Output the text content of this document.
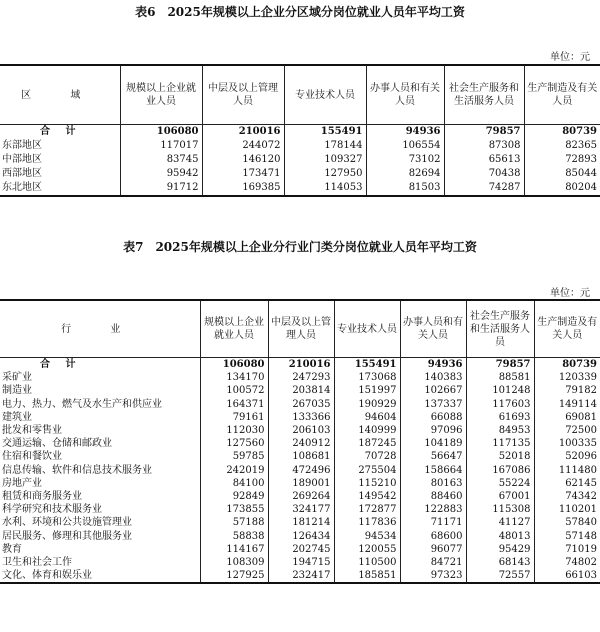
表6　2025年规模以上企业分区域分岗位就业人员年平均工资
单位：元
区 域	规模以上企业就业人员	中层及以上管理人员	专业技术人员	办事人员和有关人员	社会生产服务和生活服务人员	生产制造及有关人员
合 计	106080	210016	155491	94936	79857	80739
东部地区	117017	244072	178144	106554	87308	82365
中部地区	83745	146120	109327	73102	65613	72893
西部地区	95942	173471	127950	82694	70438	85044
东北地区	91712	169385	114053	81503	74287	80204
表7　2025年规模以上企业分行业门类分岗位就业人员年平均工资
单位：元
行 业	规模以上企业就业人员	中层及以上管理人员	专业技术人员	办事人员和有关人员	社会生产服务和生活服务人员	生产制造及有关人员
合 计	106080	210016	155491	94936	79857	80739
采矿业	134170	247293	173068	140383	88581	120339
制造业	100572	203814	151997	102667	101248	79182
电力、热力、燃气及水生产和供应业	164371	267035	190929	137337	117603	149114
建筑业	79161	133366	94604	66088	61693	69081
批发和零售业	112030	206103	140999	97096	84953	72500
交通运输、仓储和邮政业	127560	240912	187245	104189	117135	100335
住宿和餐饮业	59785	108681	70728	56647	52018	52096
信息传输、软件和信息技术服务业	242019	472496	275504	158664	167086	111480
房地产业	84100	189001	115210	80163	55224	62145
租赁和商务服务业	92849	269264	149542	88460	67001	74342
科学研究和技术服务业	173855	324177	172877	122883	115308	110201
水利、环境和公共设施管理业	57188	181214	117836	71171	41127	57840
居民服务、修理和其他服务业	58838	126434	94534	68600	48013	57148
教育	114167	202745	120055	96077	95429	71019
卫生和社会工作	108309	194715	110500	84721	68143	74802
文化、体育和娱乐业	127925	232417	185851	97323	72557	66103
